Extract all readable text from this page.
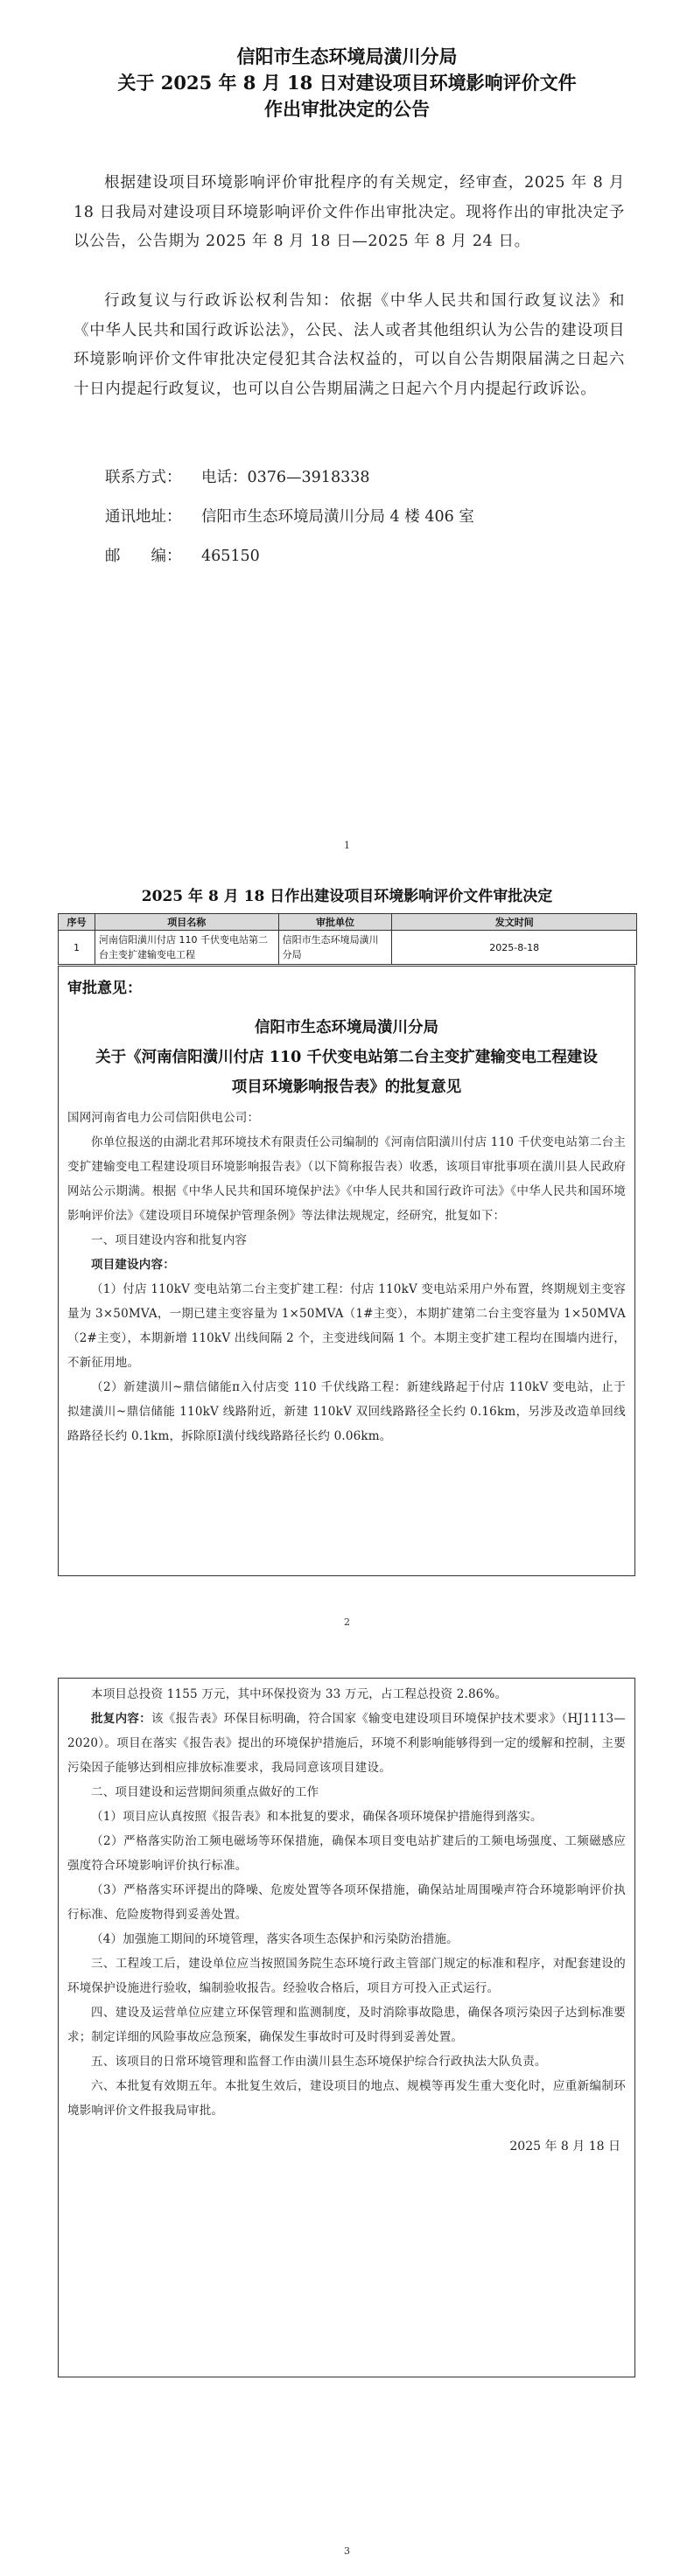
信阳市生态环境局潢川分局
关于 2025 年 8 月 18 日对建设项目环境影响评价文件
作出审批决定的公告
根据建设项目环境影响评价审批程序的有关规定，经审查，2025 年 8 月 18 日我局对建设项目环境影响评价文件作出审批决定。现将作出的审批决定予以公告，公告期为 2025 年 8 月 18 日—2025 年 8 月 24 日。
行政复议与行政诉讼权利告知：依据《中华人民共和国行政复议法》和《中华人民共和国行政诉讼法》，公民、法人或者其他组织认为公告的建设项目环境影响评价文件审批决定侵犯其合法权益的，可以自公告期限届满之日起六十日内提起行政复议，也可以自公告期届满之日起六个月内提起行政诉讼。
联系方式： 电话：0376—3918338
通讯地址： 信阳市生态环境局潢川分局 4 楼 406 室
邮　　编： 465150
1
2025 年 8 月 18 日作出建设项目环境影响评价文件审批决定
序号	项目名称	审批单位	发文时间
1	河南信阳潢川付店 110 千伏变电站第二台主变扩建输变电工程	信阳市生态环境局潢川分局	2025-8-18
审批意见：
信阳市生态环境局潢川分局
关于《河南信阳潢川付店 110 千伏变电站第二台主变扩建输变电工程建设
项目环境影响报告表》的批复意见
国网河南省电力公司信阳供电公司：
你单位报送的由湖北君邦环境技术有限责任公司编制的《河南信阳潢川付店 110 千伏变电站第二台主变扩建输变电工程建设项目环境影响报告表》（以下简称报告表）收悉，该项目审批事项在潢川县人民政府网站公示期满。根据《中华人民共和国环境保护法》《中华人民共和国行政许可法》《中华人民共和国环境影响评价法》《建设项目环境保护管理条例》等法律法规规定，经研究，批复如下：
一、项目建设内容和批复内容
项目建设内容：
（1）付店 110kV 变电站第二台主变扩建工程：付店 110kV 变电站采用户外布置，终期规划主变容量为 3×50MVA，一期已建主变容量为 1×50MVA（1#主变），本期扩建第二台主变容量为 1×50MVA（2#主变），本期新增 110kV 出线间隔 2 个，主变进线间隔 1 个。本期主变扩建工程均在围墙内进行，不新征用地。
（2）新建潢川~鼎信储能π入付店变 110 千伏线路工程：新建线路起于付店 110kV 变电站，止于拟建潢川~鼎信储能 110kV 线路附近，新建 110kV 双回线路路径全长约 0.16km，另涉及改造单回线路路径长约 0.1km，拆除原Ⅰ潢付线线路路径长约 0.06km。
2
本项目总投资 1155 万元，其中环保投资为 33 万元，占工程总投资 2.86%。
批复内容：该《报告表》环保目标明确，符合国家《输变电建设项目环境保护技术要求》（HJ1113—2020）。项目在落实《报告表》提出的环境保护措施后，环境不利影响能够得到一定的缓解和控制，主要污染因子能够达到相应排放标准要求，我局同意该项目建设。
二、项目建设和运营期间须重点做好的工作
（1）项目应认真按照《报告表》和本批复的要求，确保各项环境保护措施得到落实。
（2）严格落实防治工频电磁场等环保措施，确保本项目变电站扩建后的工频电场强度、工频磁感应强度符合环境影响评价执行标准。
（3）严格落实环评提出的降噪、危废处置等各项环保措施，确保站址周围噪声符合环境影响评价执行标准、危险废物得到妥善处置。
（4）加强施工期间的环境管理，落实各项生态保护和污染防治措施。
三、工程竣工后，建设单位应当按照国务院生态环境行政主管部门规定的标准和程序，对配套建设的环境保护设施进行验收，编制验收报告。经验收合格后，项目方可投入正式运行。
四、建设及运营单位应建立环保管理和监测制度，及时消除事故隐患，确保各项污染因子达到标准要求；制定详细的风险事故应急预案，确保发生事故时可及时得到妥善处置。
五、该项目的日常环境管理和监督工作由潢川县生态环境保护综合行政执法大队负责。
六、本批复有效期五年。本批复生效后，建设项目的地点、规模等再发生重大变化时，应重新编制环境影响评价文件报我局审批。
2025 年 8 月 18 日
3
